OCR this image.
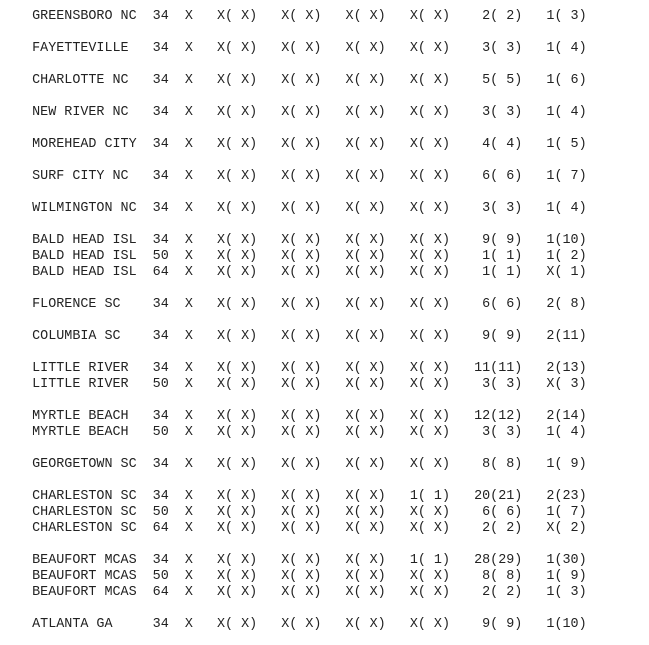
GREENSBORO NC  34  X   X( X)   X( X)   X( X)   X( X)    2( 2)   1( 3)
FAYETTEVILLE   34  X   X( X)   X( X)   X( X)   X( X)    3( 3)   1( 4)
CHARLOTTE NC   34  X   X( X)   X( X)   X( X)   X( X)    5( 5)   1( 6)
NEW RIVER NC   34  X   X( X)   X( X)   X( X)   X( X)    3( 3)   1( 4)
MOREHEAD CITY  34  X   X( X)   X( X)   X( X)   X( X)    4( 4)   1( 5)
SURF CITY NC   34  X   X( X)   X( X)   X( X)   X( X)    6( 6)   1( 7)
WILMINGTON NC  34  X   X( X)   X( X)   X( X)   X( X)    3( 3)   1( 4)
BALD HEAD ISL  34  X   X( X)   X( X)   X( X)   X( X)    9( 9)   1(10)
BALD HEAD ISL  50  X   X( X)   X( X)   X( X)   X( X)    1( 1)   1( 2)
BALD HEAD ISL  64  X   X( X)   X( X)   X( X)   X( X)    1( 1)   X( 1)
FLORENCE SC    34  X   X( X)   X( X)   X( X)   X( X)    6( 6)   2( 8)
COLUMBIA SC    34  X   X( X)   X( X)   X( X)   X( X)    9( 9)   2(11)
LITTLE RIVER   34  X   X( X)   X( X)   X( X)   X( X)   11(11)   2(13)
LITTLE RIVER   50  X   X( X)   X( X)   X( X)   X( X)    3( 3)   X( 3)
MYRTLE BEACH   34  X   X( X)   X( X)   X( X)   X( X)   12(12)   2(14)
MYRTLE BEACH   50  X   X( X)   X( X)   X( X)   X( X)    3( 3)   1( 4)
GEORGETOWN SC  34  X   X( X)   X( X)   X( X)   X( X)    8( 8)   1( 9)
CHARLESTON SC  34  X   X( X)   X( X)   X( X)   1( 1)   20(21)   2(23)
CHARLESTON SC  50  X   X( X)   X( X)   X( X)   X( X)    6( 6)   1( 7)
CHARLESTON SC  64  X   X( X)   X( X)   X( X)   X( X)    2( 2)   X( 2)
BEAUFORT MCAS  34  X   X( X)   X( X)   X( X)   1( 1)   28(29)   1(30)
BEAUFORT MCAS  50  X   X( X)   X( X)   X( X)   X( X)    8( 8)   1( 9)
BEAUFORT MCAS  64  X   X( X)   X( X)   X( X)   X( X)    2( 2)   1( 3)
ATLANTA GA     34  X   X( X)   X( X)   X( X)   X( X)    9( 9)   1(10)
